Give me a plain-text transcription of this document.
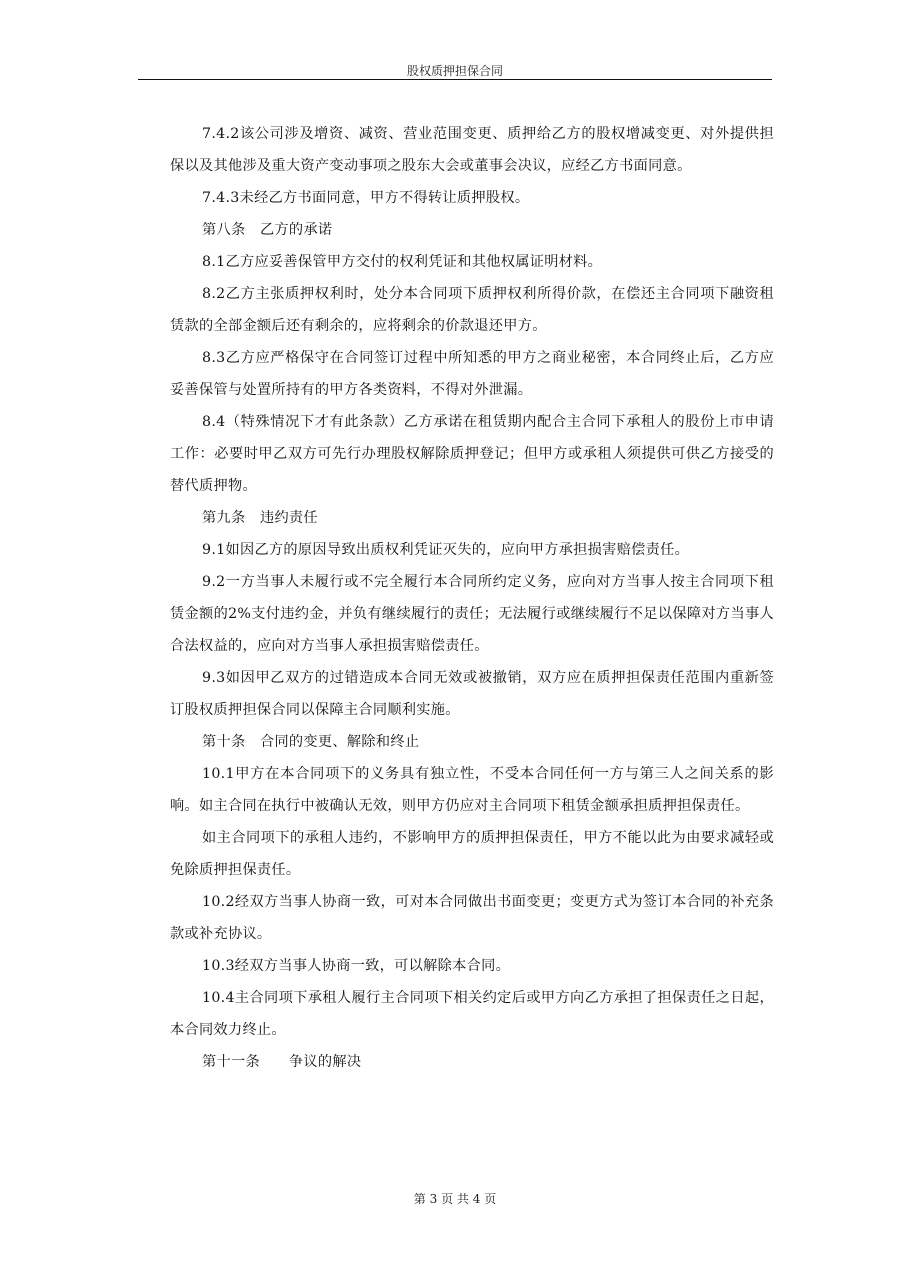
股权质押担保合同

7.4.2该公司涉及增资、减资、营业范围变更、质押给乙方的股权增减变更、对外提供担保以及其他涉及重大资产变动事项之股东大会或董事会决议，应经乙方书面同意。

7.4.3未经乙方书面同意，甲方不得转让质押股权。

第八条　乙方的承诺

8.1乙方应妥善保管甲方交付的权利凭证和其他权属证明材料。

8.2乙方主张质押权利时，处分本合同项下质押权利所得价款，在偿还主合同项下融资租赁款的全部金额后还有剩余的，应将剩余的价款退还甲方。

8.3乙方应严格保守在合同签订过程中所知悉的甲方之商业秘密，本合同终止后，乙方应妥善保管与处置所持有的甲方各类资料，不得对外泄漏。

8.4（特殊情况下才有此条款）乙方承诺在租赁期内配合主合同下承租人的股份上市申请工作：必要时甲乙双方可先行办理股权解除质押登记；但甲方或承租人须提供可供乙方接受的替代质押物。

第九条　违约责任

9.1如因乙方的原因导致出质权利凭证灭失的，应向甲方承担损害赔偿责任。

9.2一方当事人未履行或不完全履行本合同所约定义务，应向对方当事人按主合同项下租赁金额的2%支付违约金，并负有继续履行的责任；无法履行或继续履行不足以保障对方当事人合法权益的，应向对方当事人承担损害赔偿责任。

9.3如因甲乙双方的过错造成本合同无效或被撤销，双方应在质押担保责任范围内重新签订股权质押担保合同以保障主合同顺利实施。

第十条　合同的变更、解除和终止

10.1甲方在本合同项下的义务具有独立性，不受本合同任何一方与第三人之间关系的影响。如主合同在执行中被确认无效，则甲方仍应对主合同项下租赁金额承担质押担保责任。

如主合同项下的承租人违约，不影响甲方的质押担保责任，甲方不能以此为由要求减轻或免除质押担保责任。

10.2经双方当事人协商一致，可对本合同做出书面变更；变更方式为签订本合同的补充条款或补充协议。

10.3经双方当事人协商一致，可以解除本合同。

10.4主合同项下承租人履行主合同项下相关约定后或甲方向乙方承担了担保责任之日起，本合同效力终止。

第十一条　　争议的解决

第 3 页 共 4 页
